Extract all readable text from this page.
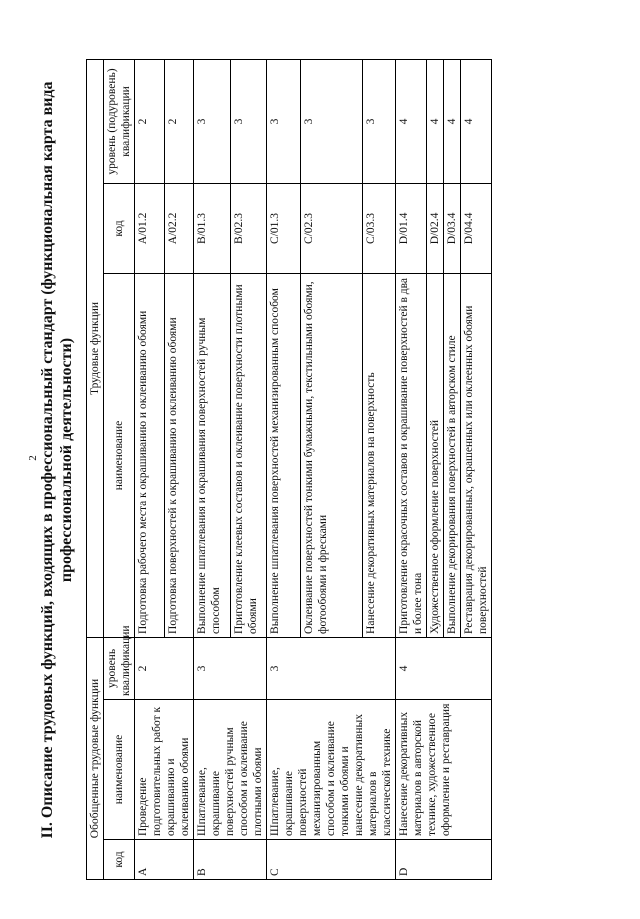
2 II. Описание трудовых функций, входящих в профессиональный стандарт (функциональная карта вида профессиональной деятельности)
Обобщенные трудовые функции			Трудовые функции		
код	наименование	уровень квалификации	наименование	код	уровень (подуровень) квалификации
A	Проведение подготовительных работ к окрашиванию и оклеиванию обоями	2	Подготовка рабочего места к окрашиванию и оклеиванию обоями	A/01.2	2
			Подготовка поверхностей к окрашиванию и оклеиванию обоями	A/02.2	2
B	Шпатлевание, окрашивание поверхностей ручным способом и оклеивание плотными обоями	3	Выполнение шпатлевания и окрашивания поверхностей ручным способом	B/01.3	3
			Приготовление клеевых составов и оклеивание поверхности плотными обоями	B/02.3	3
C	Шпатлевание, окрашивание поверхностей механизированным способом и оклеивание тонкими обоями и нанесение декоративных материалов в классической технике	3	Выполнение шпатлевания поверхностей механизированным способом	C/01.3	3
			Оклеивание поверхностей тонкими бумажными, текстильными обоями, фотообоями и фресками	C/02.3	3
			Нанесение декоративных материалов на поверхность	C/03.3	3
D	Нанесение декоративных материалов в авторской технике, художественное оформление и реставрация	4	Приготовление окрасочных составов и окрашивание поверхностей в два и более тона	D/01.4	4
			Художественное оформление поверхностей	D/02.4	4
			Выполнение декорирования поверхностей в авторском стиле	D/03.4	4
			Реставрация декорированных, окрашенных или оклеенных обоями поверхностей	D/04.4	4
